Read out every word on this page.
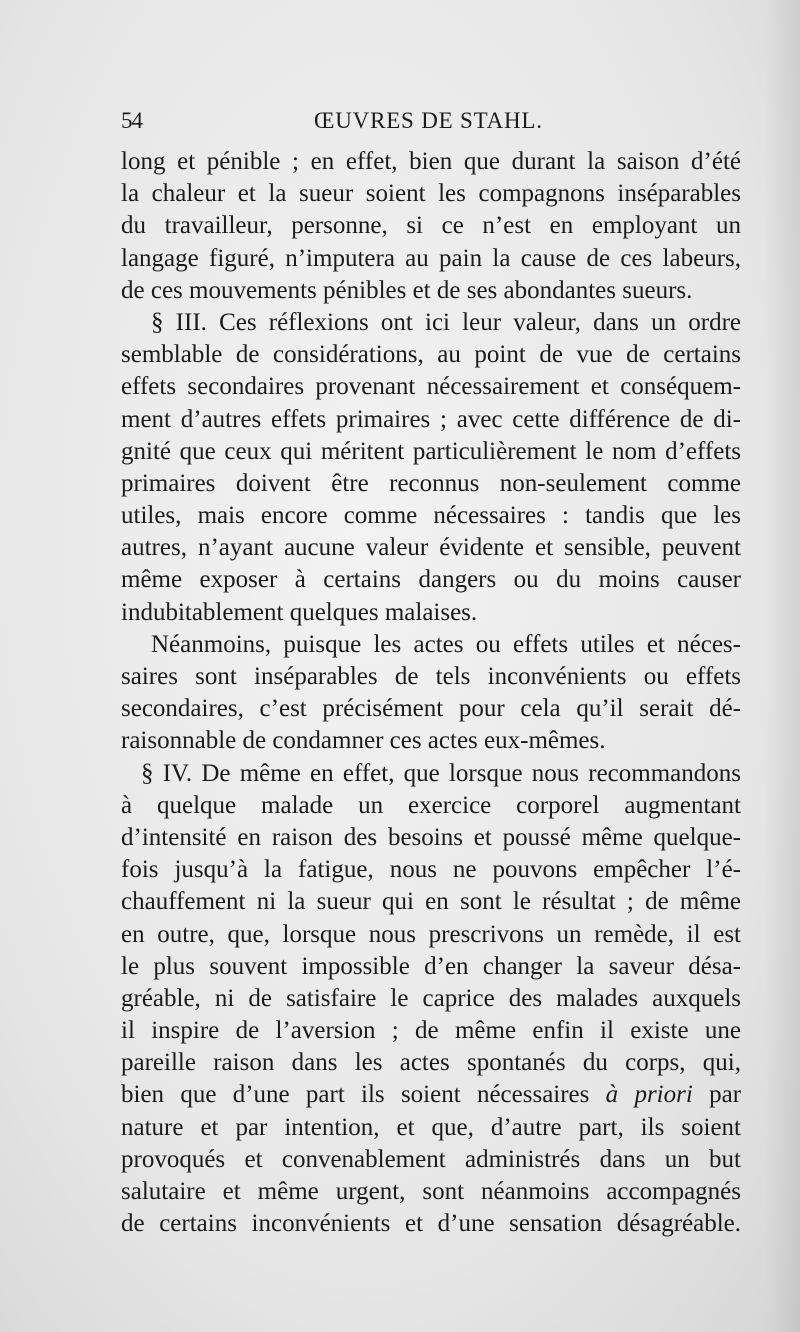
54	ŒUVRES DE STAHL.
long et pénible ; en effet, bien que durant la saison d’été
la chaleur et la sueur soient les compagnons inséparables
du travailleur, personne, si ce n’est en employant un
langage figuré, n’imputera au pain la cause de ces labeurs,
de ces mouvements pénibles et de ses abondantes sueurs.
§ III. Ces réflexions ont ici leur valeur, dans un ordre
semblable de considérations, au point de vue de certains
effets secondaires provenant nécessairement et conséquem-
ment d’autres effets primaires ; avec cette différence de di-
gnité que ceux qui méritent particulièrement le nom d’effets
primaires doivent être reconnus non-seulement comme
utiles, mais encore comme nécessaires : tandis que les
autres, n’ayant aucune valeur évidente et sensible, peuvent
même exposer à certains dangers ou du moins causer
indubitablement quelques malaises.
Néanmoins, puisque les actes ou effets utiles et néces-
saires sont inséparables de tels inconvénients ou effets
secondaires, c’est précisément pour cela qu’il serait dé-
raisonnable de condamner ces actes eux-mêmes.
§ IV. De même en effet, que lorsque nous recommandons
à quelque malade un exercice corporel augmentant
d’intensité en raison des besoins et poussé même quelque-
fois jusqu’à la fatigue, nous ne pouvons empêcher l’é-
chauffement ni la sueur qui en sont le résultat ; de même
en outre, que, lorsque nous prescrivons un remède, il est
le plus souvent impossible d’en changer la saveur désa-
gréable, ni de satisfaire le caprice des malades auxquels
il inspire de l’aversion ; de même enfin il existe une
pareille raison dans les actes spontanés du corps, qui,
bien que d’une part ils soient nécessaires à priori par
nature et par intention, et que, d’autre part, ils soient
provoqués et convenablement administrés dans un but
salutaire et même urgent, sont néanmoins accompagnés
de certains inconvénients et d’une sensation désagréable.
